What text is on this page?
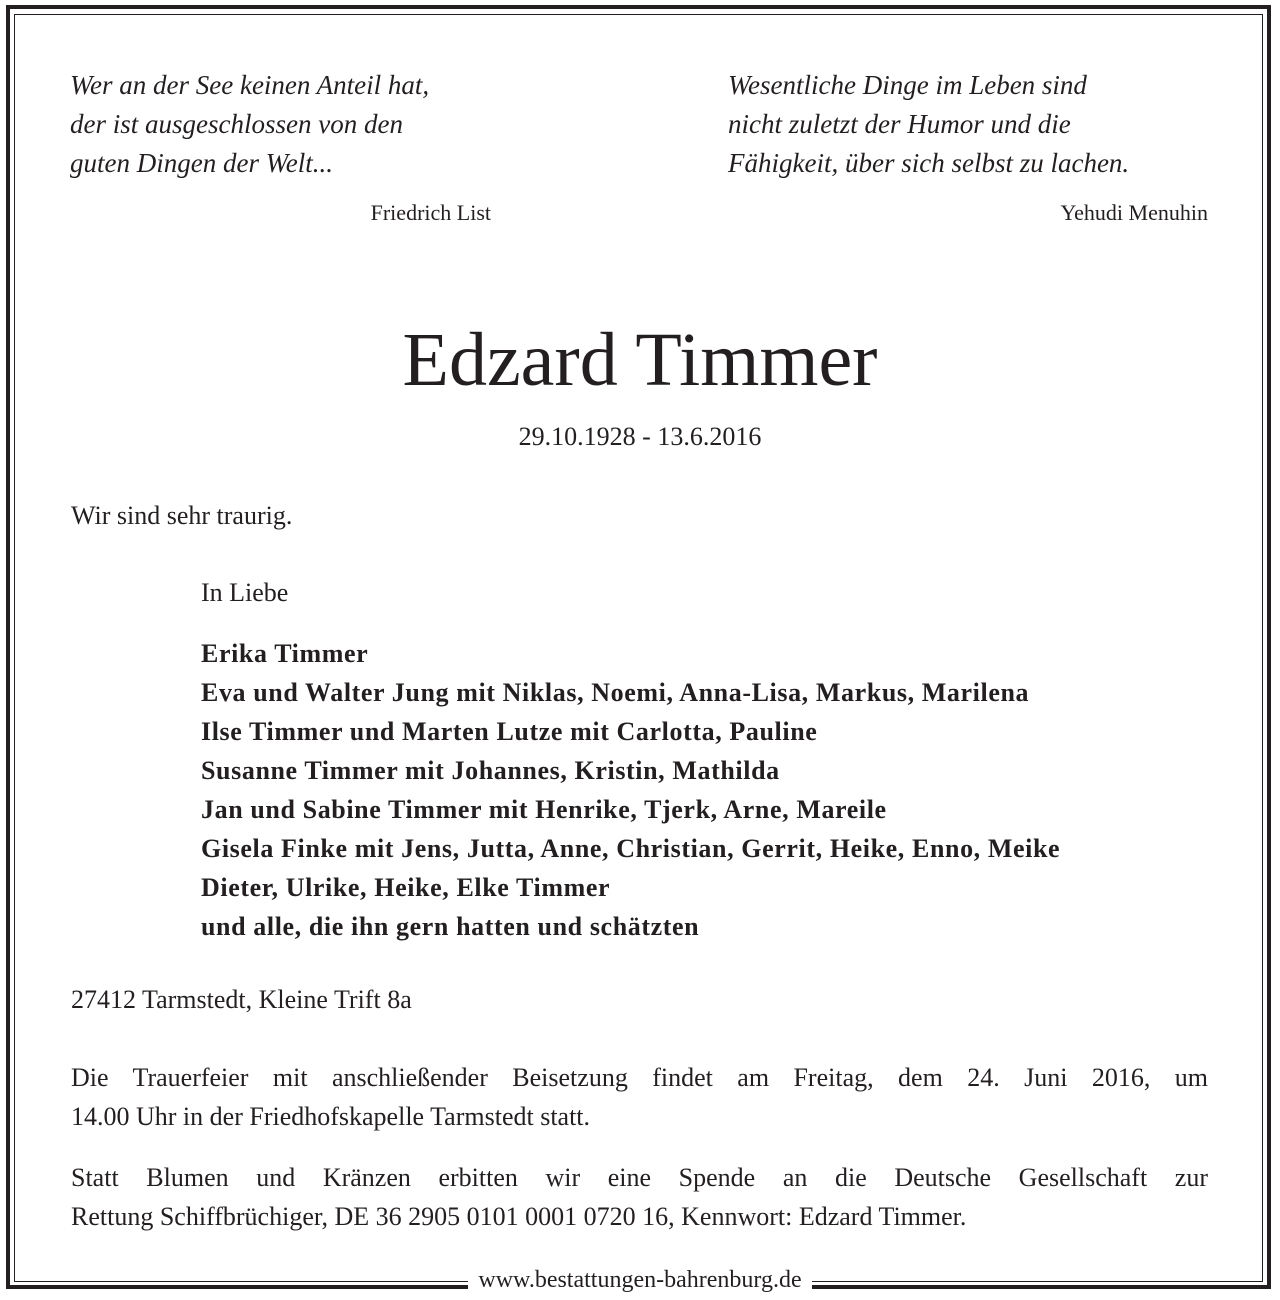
Wer an der See keinen Anteil hat,
der ist ausgeschlossen von den
guten Dingen der Welt...

Friedrich List

Wesentliche Dinge im Leben sind
nicht zuletzt der Humor und die
Fähigkeit, über sich selbst zu lachen.

Yehudi Menuhin
Edzard Timmer
29.10.1928 - 13.6.2016
Wir sind sehr traurig.
In Liebe
Erika Timmer
Eva und Walter Jung mit Niklas, Noemi, Anna-Lisa, Markus, Marilena
Ilse Timmer und Marten Lutze mit Carlotta, Pauline
Susanne Timmer mit Johannes, Kristin, Mathilda
Jan und Sabine Timmer mit Henrike, Tjerk, Arne, Mareile
Gisela Finke mit Jens, Jutta, Anne, Christian, Gerrit, Heike, Enno, Meike
Dieter, Ulrike, Heike, Elke Timmer
und alle, die ihn gern hatten und schätzten
27412 Tarmstedt, Kleine Trift 8a

Die Trauerfeier mit anschließender Beisetzung findet am Freitag, dem 24. Juni 2016, um
14.00 Uhr in der Friedhofskapelle Tarmstedt statt.

Statt Blumen und Kränzen erbitten wir eine Spende an die Deutsche Gesellschaft zur
Rettung Schiffbrüchiger, DE 36 2905 0101 0001 0720 16, Kennwort: Edzard Timmer.

www.bestattungen-bahrenburg.de
